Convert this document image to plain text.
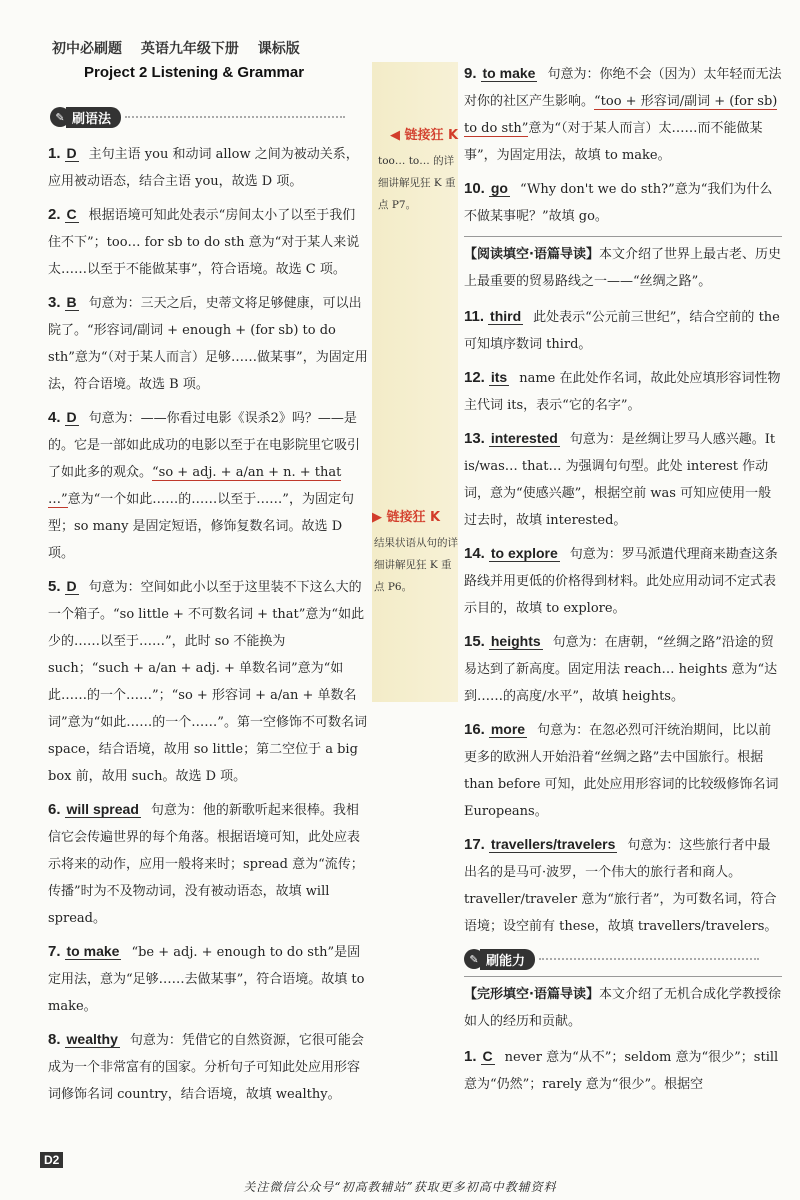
初中必刷题 英语九年级下册 课标版
Project 2 Listening & Grammar
✎ 刷语法
◀ 链接狂 K
too… to… 的详细讲解见狂 K 重点 P7。
▶ 链接狂 K
结果状语从句的详细讲解见狂 K 重点 P6。
1. D 主句主语 you 和动词 allow 之间为被动关系，应用被动语态，结合主语 you，故选 D 项。
2. C 根据语境可知此处表示“房间太小了以至于我们住不下”；too… for sb to do sth 意为“对于某人来说太……以至于不能做某事”，符合语境。故选 C 项。
3. B 句意为：三天之后，史蒂文将足够健康，可以出院了。“形容词/副词 + enough + (for sb) to do sth”意为“（对于某人而言）足够……做某事”，为固定用法，符合语境。故选 B 项。
4. D 句意为：——你看过电影《误杀2》吗？——是的。它是一部如此成功的电影以至于在电影院里它吸引了如此多的观众。“so + adj. + a/an + n. + that …”意为“一个如此……的……以至于……”，为固定句型；so many 是固定短语，修饰复数名词。故选 D 项。
5. D 句意为：空间如此小以至于这里装不下这么大的一个箱子。“so little + 不可数名词 + that”意为“如此少的……以至于……”，此时 so 不能换为 such；“such + a/an + adj. + 单数名词”意为“如此……的一个……”；“so + 形容词 + a/an + 单数名词”意为“如此……的一个……”。第一空修饰不可数名词 space，结合语境，故用 so little；第二空位于 a big box 前，故用 such。故选 D 项。
6. will spread 句意为：他的新歌听起来很棒。我相信它会传遍世界的每个角落。根据语境可知，此处应表示将来的动作，应用一般将来时；spread 意为“流传；传播”时为不及物动词，没有被动语态，故填 will spread。
7. to make “be + adj. + enough to do sth”是固定用法，意为“足够……去做某事”，符合语境。故填 to make。
8. wealthy 句意为：凭借它的自然资源，它很可能会成为一个非常富有的国家。分析句子可知此处应用形容词修饰名词 country，结合语境，故填 wealthy。
9. to make 句意为：你绝不会（因为）太年轻而无法对你的社区产生影响。“too + 形容词/副词 + (for sb) to do sth”意为“（对于某人而言）太……而不能做某事”，为固定用法，故填 to make。
10. go “Why don't we do sth?”意为“我们为什么不做某事呢？”故填 go。
【阅读填空·语篇导读】本文介绍了世界上最古老、历史上最重要的贸易路线之一——“丝绸之路”。
11. third 此处表示“公元前三世纪”，结合空前的 the 可知填序数词 third。
12. its name 在此处作名词，故此处应填形容词性物主代词 its，表示“它的名字”。
13. interested 句意为：是丝绸让罗马人感兴趣。It is/was… that… 为强调句句型。此处 interest 作动词，意为“使感兴趣”，根据空前 was 可知应使用一般过去时，故填 interested。
14. to explore 句意为：罗马派遣代理商来勘查这条路线并用更低的价格得到材料。此处应用动词不定式表示目的，故填 to explore。
15. heights 句意为：在唐朝，“丝绸之路”沿途的贸易达到了新高度。固定用法 reach… heights 意为“达到……的高度/水平”，故填 heights。
16. more 句意为：在忽必烈可汗统治期间，比以前更多的欧洲人开始沿着“丝绸之路”去中国旅行。根据 than before 可知，此处应用形容词的比较级修饰名词 Europeans。
17. travellers/travelers 句意为：这些旅行者中最出名的是马可·波罗，一个伟大的旅行者和商人。traveller/traveler 意为“旅行者”，为可数名词，符合语境；设空前有 these，故填 travellers/travelers。
✎ 刷能力
【完形填空·语篇导读】本文介绍了无机合成化学教授徐如人的经历和贡献。
1. C never 意为“从不”；seldom 意为“很少”；still 意为“仍然”；rarely 意为“很少”。根据空
D2
关注微信公众号“初高教辅站”获取更多初高中教辅资料
